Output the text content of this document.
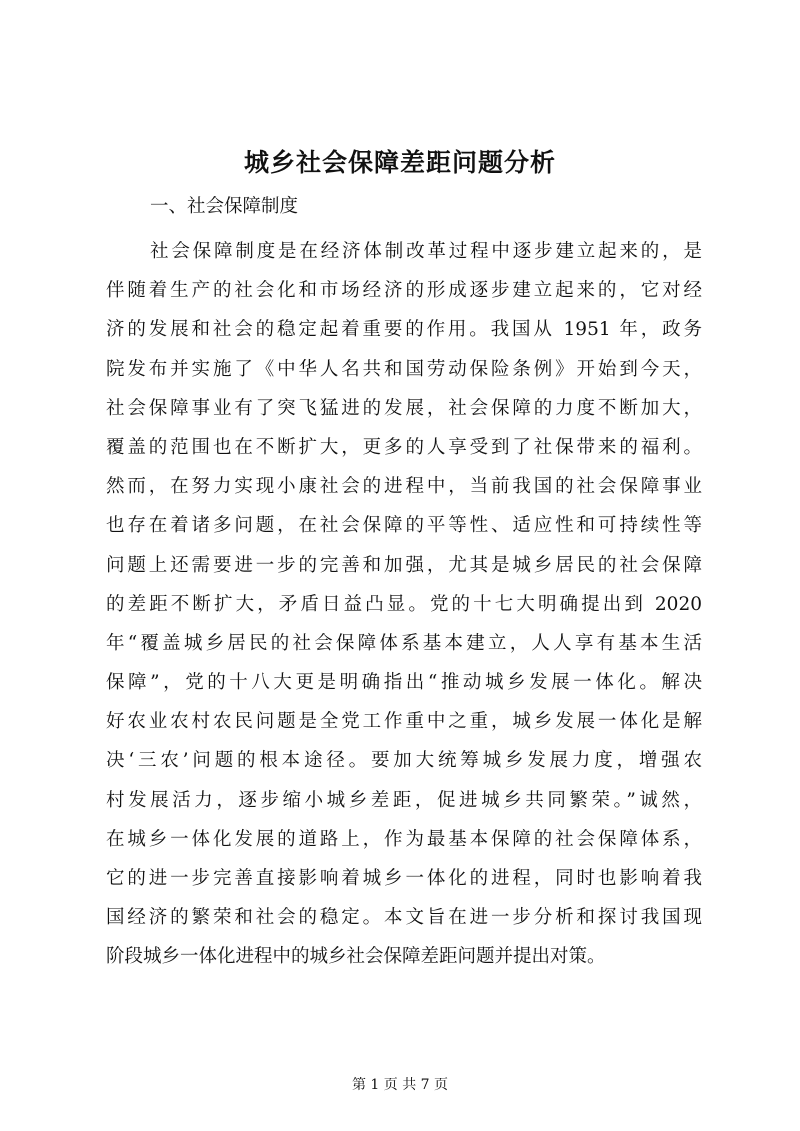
城乡社会保障差距问题分析

一、社会保障制度

社会保障制度是在经济体制改革过程中逐步建立起来的，是
伴随着生产的社会化和市场经济的形成逐步建立起来的，它对经
济的发展和社会的稳定起着重要的作用。我国从 1951 年，政务
院发布并实施了《中华人名共和国劳动保险条例》开始到今天，
社会保障事业有了突飞猛进的发展，社会保障的力度不断加大，
覆盖的范围也在不断扩大，更多的人享受到了社保带来的福利。
然而，在努力实现小康社会的进程中，当前我国的社会保障事业
也存在着诸多问题，在社会保障的平等性、适应性和可持续性等
问题上还需要进一步的完善和加强，尤其是城乡居民的社会保障
的差距不断扩大，矛盾日益凸显。党的十七大明确提出到 2020
年“覆盖城乡居民的社会保障体系基本建立，人人享有基本生活
保障”，党的十八大更是明确指出“推动城乡发展一体化。解决
好农业农村农民问题是全党工作重中之重，城乡发展一体化是解
决‘三农’问题的根本途径。要加大统筹城乡发展力度，增强农
村发展活力，逐步缩小城乡差距，促进城乡共同繁荣。”诚然，
在城乡一体化发展的道路上，作为最基本保障的社会保障体系，
它的进一步完善直接影响着城乡一体化的进程，同时也影响着我
国经济的繁荣和社会的稳定。本文旨在进一步分析和探讨我国现
阶段城乡一体化进程中的城乡社会保障差距问题并提出对策。

第 1 页 共 7 页
